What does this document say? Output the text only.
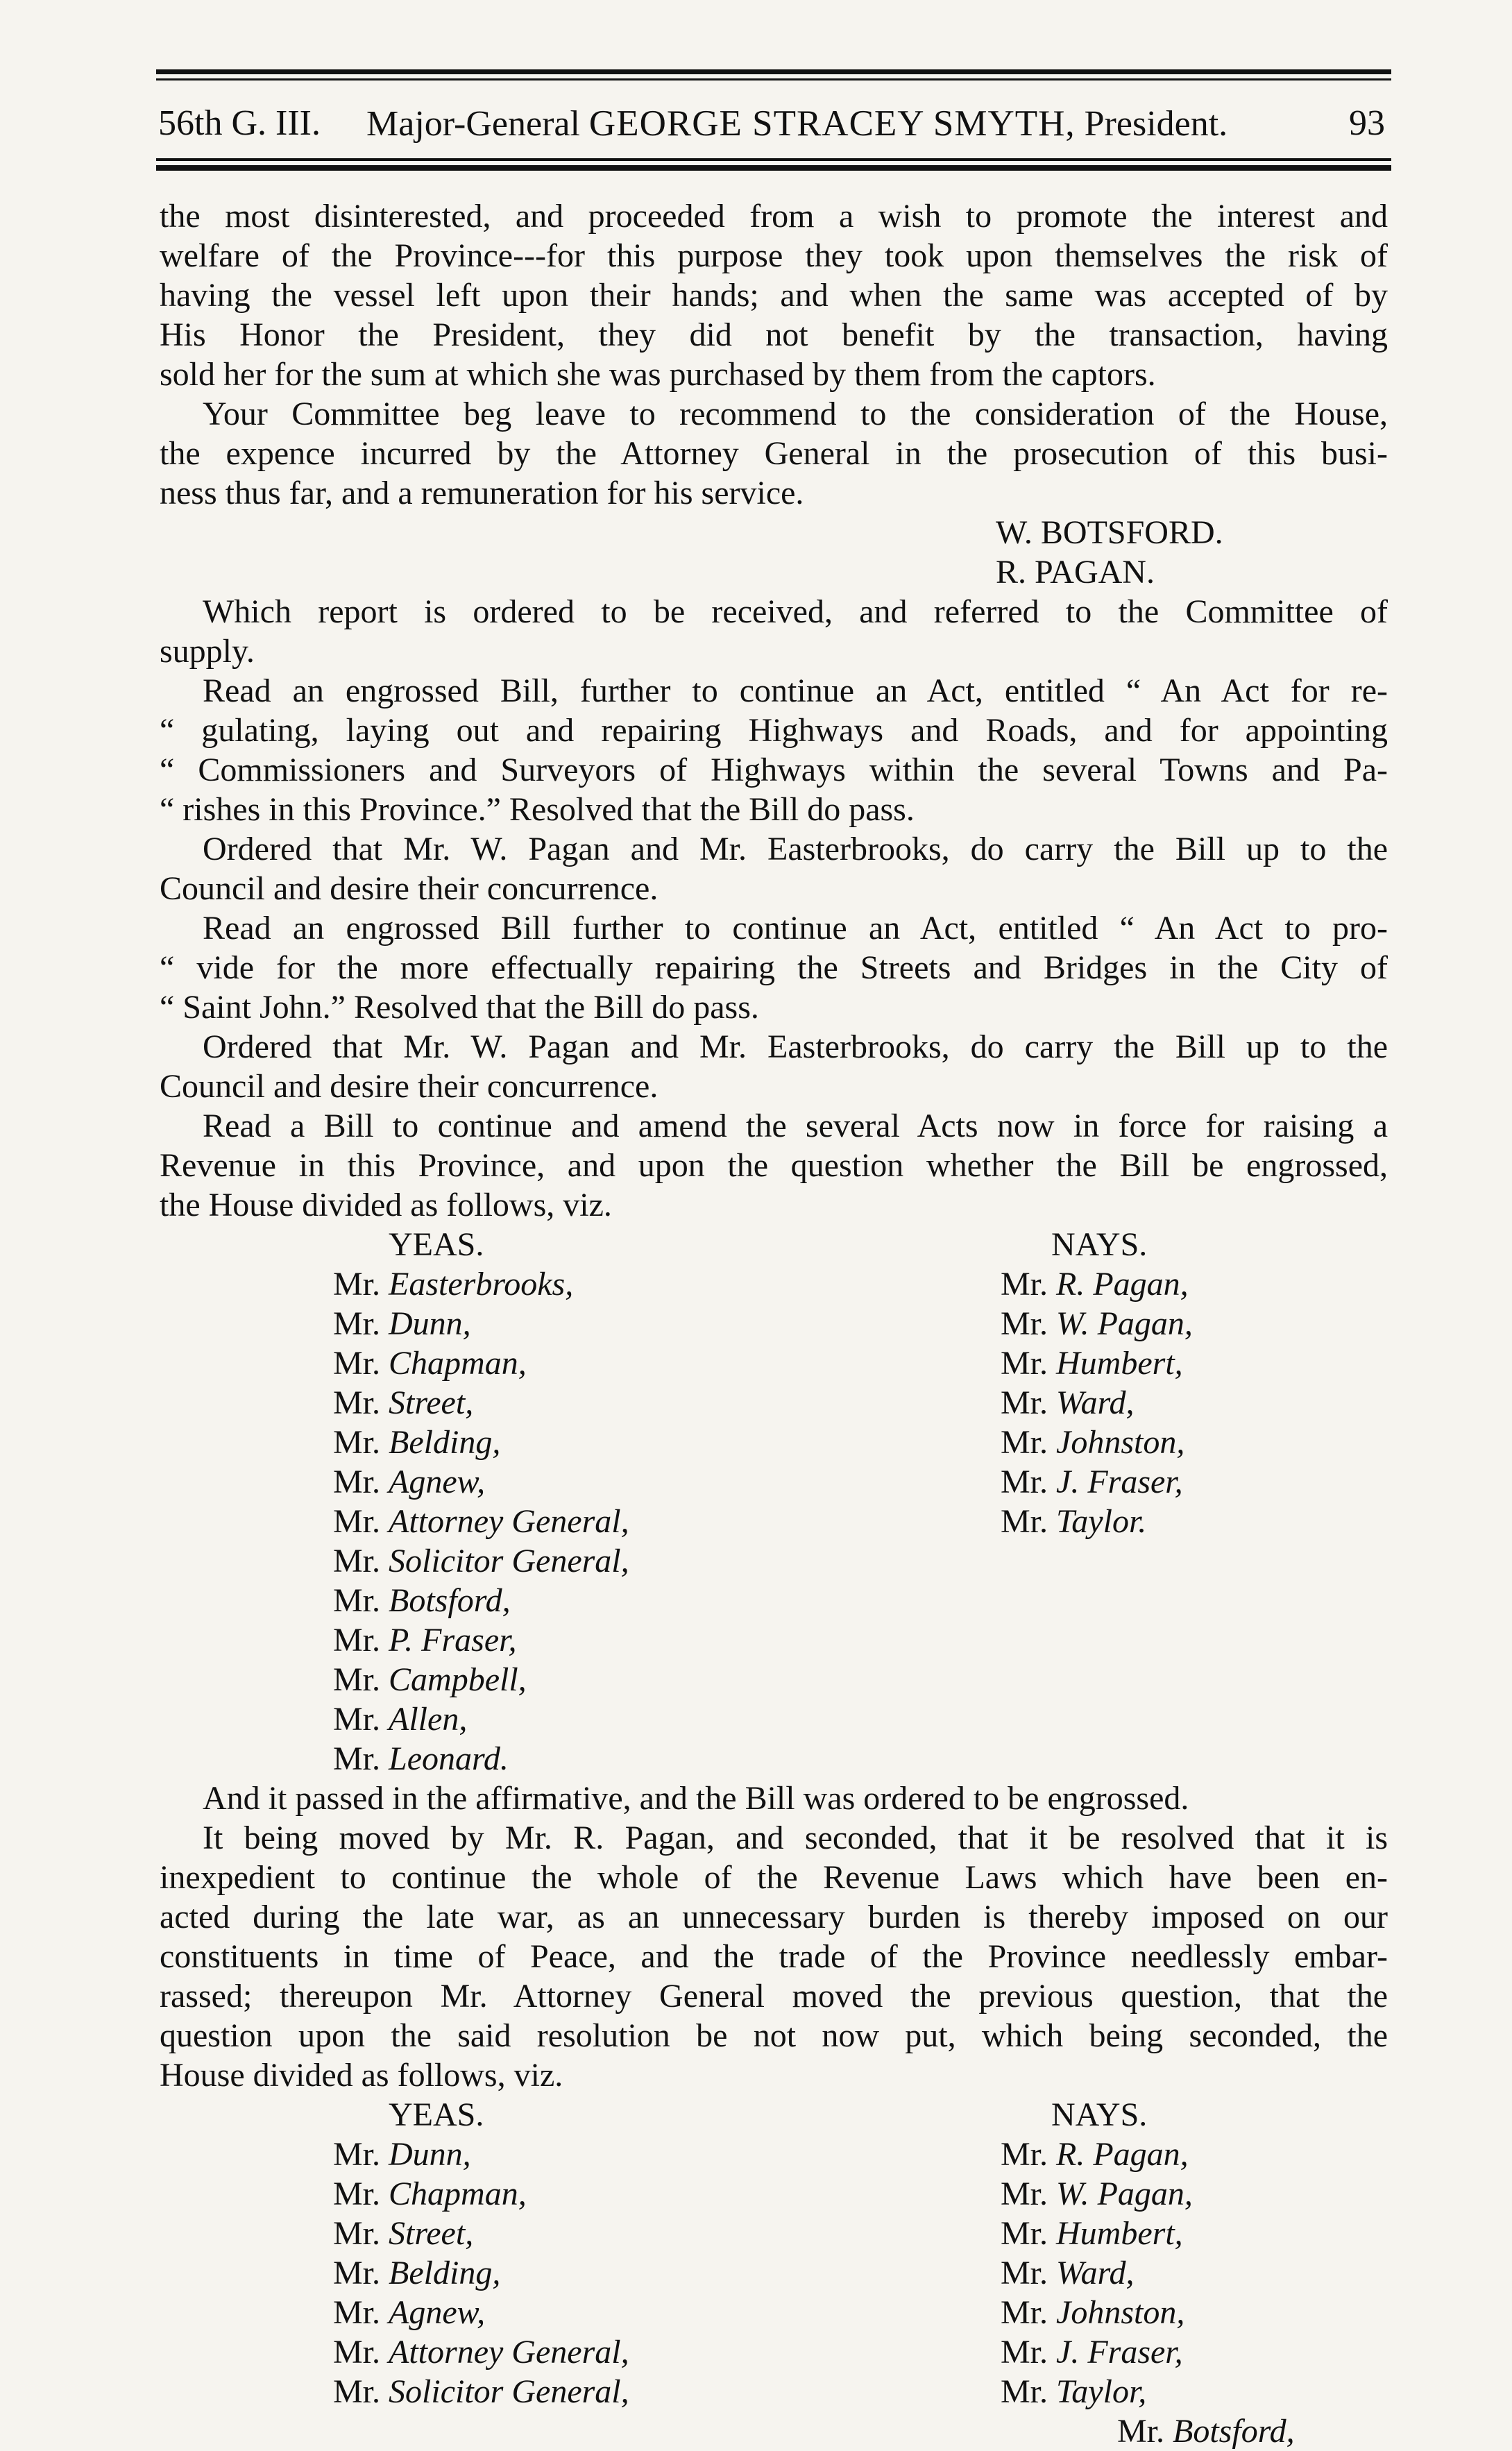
56th G. III. Major-General GEORGE STRACEY SMYTH, President.	93
the most disinterested, and proceeded from a wish to promote the interest and
welfare of the Province---for this purpose they took upon themselves the risk of
having the vessel left upon their hands; and when the same was accepted of by
His Honor the President, they did not benefit by the transaction, having
sold her for the sum at which she was purchased by them from the captors.
Your Committee beg leave to recommend to the consideration of the House,
the expence incurred by the Attorney General in the prosecution of this busi-
ness thus far, and a remuneration for his service.
W. BOTSFORD.
R. PAGAN.
Which report is ordered to be received, and referred to the Committee of
supply.
Read an engrossed Bill, further to continue an Act, entitled “ An Act for re-
“ gulating, laying out and repairing Highways and Roads, and for appointing
“ Commissioners and Surveyors of Highways within the several Towns and Pa-
“ rishes in this Province.” Resolved that the Bill do pass.
Ordered that Mr. W. Pagan and Mr. Easterbrooks, do carry the Bill up to the
Council and desire their concurrence.
Read an engrossed Bill further to continue an Act, entitled “ An Act to pro-
“ vide for the more effectually repairing the Streets and Bridges in the City of
“ Saint John.” Resolved that the Bill do pass.
Ordered that Mr. W. Pagan and Mr. Easterbrooks, do carry the Bill up to the
Council and desire their concurrence.
Read a Bill to continue and amend the several Acts now in force for raising a
Revenue in this Province, and upon the question whether the Bill be engrossed,
the House divided as follows, viz.
YEAS.	NAYS.
Mr. Easterbrooks,	Mr. R. Pagan,
Mr. Dunn,	Mr. W. Pagan,
Mr. Chapman,	Mr. Humbert,
Mr. Street,	Mr. Ward,
Mr. Belding,	Mr. Johnston,
Mr. Agnew,	Mr. J. Fraser,
Mr. Attorney General,	Mr. Taylor.
Mr. Solicitor General,
Mr. Botsford,
Mr. P. Fraser,
Mr. Campbell,
Mr. Allen,
Mr. Leonard.
And it passed in the affirmative, and the Bill was ordered to be engrossed.
It being moved by Mr. R. Pagan, and seconded, that it be resolved that it is
inexpedient to continue the whole of the Revenue Laws which have been en-
acted during the late war, as an unnecessary burden is thereby imposed on our
constituents in time of Peace, and the trade of the Province needlessly embar-
rassed; thereupon Mr. Attorney General moved the previous question, that the
question upon the said resolution be not now put, which being seconded, the
House divided as follows, viz.
YEAS.	NAYS.
Mr. Dunn,	Mr. R. Pagan,
Mr. Chapman,	Mr. W. Pagan,
Mr. Street,	Mr. Humbert,
Mr. Belding,	Mr. Ward,
Mr. Agnew,	Mr. Johnston,
Mr. Attorney General,	Mr. J. Fraser,
Mr. Solicitor General,	Mr. Taylor,
Mr. Botsford,
